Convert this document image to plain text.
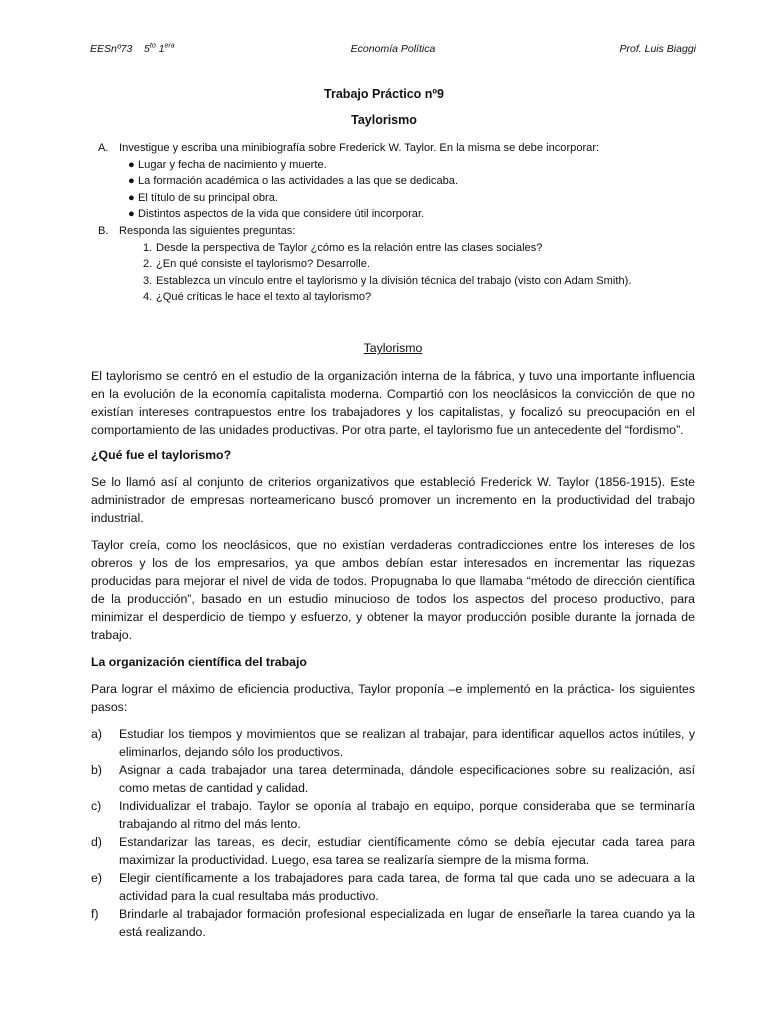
EESnº73 $5^{to}$ $1^{era}$	Economía Política	Prof. Luis Biaggi
Trabajo Práctico nº9
Taylorismo
A. Investigue y escriba una minibiografía sobre Frederick W. Taylor. En la misma se debe incorporar:
● Lugar y fecha de nacimiento y muerte.
● La formación académica o las actividades a las que se dedicaba.
● El título de su principal obra.
● Distintos aspectos de la vida que considere útil incorporar.
B. Responda las siguientes preguntas:
1. Desde la perspectiva de Taylor ¿cómo es la relación entre las clases sociales?
2. ¿En qué consiste el taylorismo? Desarrolle.
3. Establezca un vínculo entre el taylorismo y la división técnica del trabajo (visto con Adam Smith).
4. ¿Qué críticas le hace el texto al taylorismo?
Taylorismo

El taylorismo se centró en el estudio de la organización interna de la fábrica, y tuvo una importante influencia en la evolución de la economía capitalista moderna. Compartió con los neoclásicos la convicción de que no existían intereses contrapuestos entre los trabajadores y los capitalistas, y focalizó su preocupación en el comportamiento de las unidades productivas. Por otra parte, el taylorismo fue un antecedente del “fordismo”.

¿Qué fue el taylorismo?

Se lo llamó así al conjunto de criterios organizativos que estableció Frederick W. Taylor (1856-1915). Este administrador de empresas norteamericano buscó promover un incremento en la productividad del trabajo industrial.

Taylor creía, como los neoclásicos, que no existían verdaderas contradicciones entre los intereses de los obreros y los de los empresarios, ya que ambos debían estar interesados en incrementar las riquezas producidas para mejorar el nivel de vida de todos. Propugnaba lo que llamaba “método de dirección científica de la producción”, basado en un estudio minucioso de todos los aspectos del proceso productivo, para minimizar el desperdicio de tiempo y esfuerzo, y obtener la mayor producción posible durante la jornada de trabajo.

La organización científica del trabajo

Para lograr el máximo de eficiencia productiva, Taylor proponía –e implementó en la práctica- los siguientes pasos:

a) Estudiar los tiempos y movimientos que se realizan al trabajar, para identificar aquellos actos inútiles, y eliminarlos, dejando sólo los productivos.
b) Asignar a cada trabajador una tarea determinada, dándole especificaciones sobre su realización, así como metas de cantidad y calidad.
c) Individualizar el trabajo. Taylor se oponía al trabajo en equipo, porque consideraba que se terminaría trabajando al ritmo del más lento.
d) Estandarizar las tareas, es decir, estudiar científicamente cómo se debía ejecutar cada tarea para maximizar la productividad. Luego, esa tarea se realizaría siempre de la misma forma.
e) Elegir científicamente a los trabajadores para cada tarea, de forma tal que cada uno se adecuara a la actividad para la cual resultaba más productivo.
f) Brindarle al trabajador formación profesional especializada en lugar de enseñarle la tarea cuando ya la está realizando.
